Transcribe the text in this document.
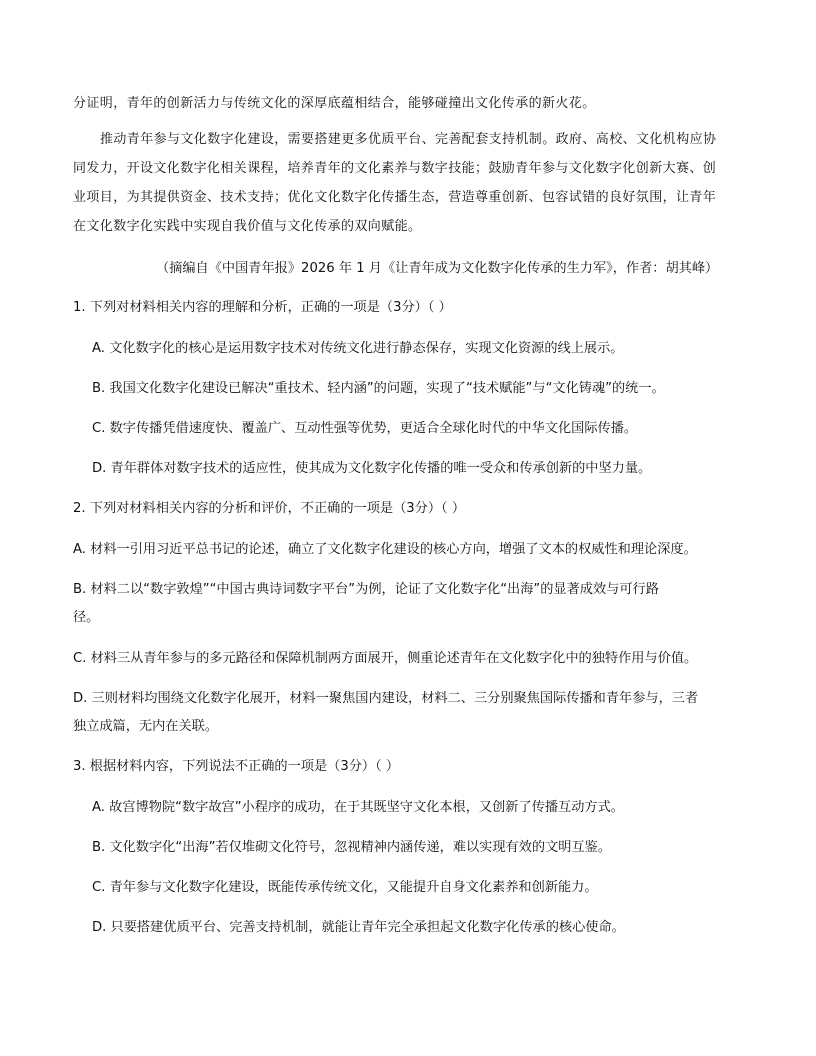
分证明，青年的创新活力与传统文化的深厚底蕴相结合，能够碰撞出文化传承的新火花。

推动青年参与文化数字化建设，需要搭建更多优质平台、完善配套支持机制。政府、高校、文化机构应协

同发力，开设文化数字化相关课程，培养青年的文化素养与数字技能；鼓励青年参与文化数字化创新大赛、创

业项目，为其提供资金、技术支持；优化文化数字化传播生态，营造尊重创新、包容试错的良好氛围，让青年

在文化数字化实践中实现自我价值与文化传承的双向赋能。

（摘编自《中国青年报》2026 年 1 月《让青年成为文化数字化传承的生力军》，作者：胡其峰）

1. 下列对材料相关内容的理解和分析，正确的一项是（3分）（ ）

A. 文化数字化的核心是运用数字技术对传统文化进行静态保存，实现文化资源的线上展示。

B. 我国文化数字化建设已解决“重技术、轻内涵”的问题，实现了“技术赋能”与“文化铸魂”的统一。

C. 数字传播凭借速度快、覆盖广、互动性强等优势，更适合全球化时代的中华文化国际传播。

D. 青年群体对数字技术的适应性，使其成为文化数字化传播的唯一受众和传承创新的中坚力量。

2. 下列对材料相关内容的分析和评价，不正确的一项是（3分）（ ）

A. 材料一引用习近平总书记的论述，确立了文化数字化建设的核心方向，增强了文本的权威性和理论深度。

B. 材料二以“数字敦煌”“中国古典诗词数字平台”为例，论证了文化数字化“出海”的显著成效与可行路

径。

C. 材料三从青年参与的多元路径和保障机制两方面展开，侧重论述青年在文化数字化中的独特作用与价值。

D. 三则材料均围绕文化数字化展开，材料一聚焦国内建设，材料二、三分别聚焦国际传播和青年参与，三者

独立成篇，无内在关联。

3. 根据材料内容，下列说法不正确的一项是（3分）（ ）

A. 故宫博物院“数字故宫”小程序的成功，在于其既坚守文化本根，又创新了传播互动方式。

B. 文化数字化“出海”若仅堆砌文化符号，忽视精神内涵传递，难以实现有效的文明互鉴。

C. 青年参与文化数字化建设，既能传承传统文化，又能提升自身文化素养和创新能力。

D. 只要搭建优质平台、完善支持机制，就能让青年完全承担起文化数字化传承的核心使命。
